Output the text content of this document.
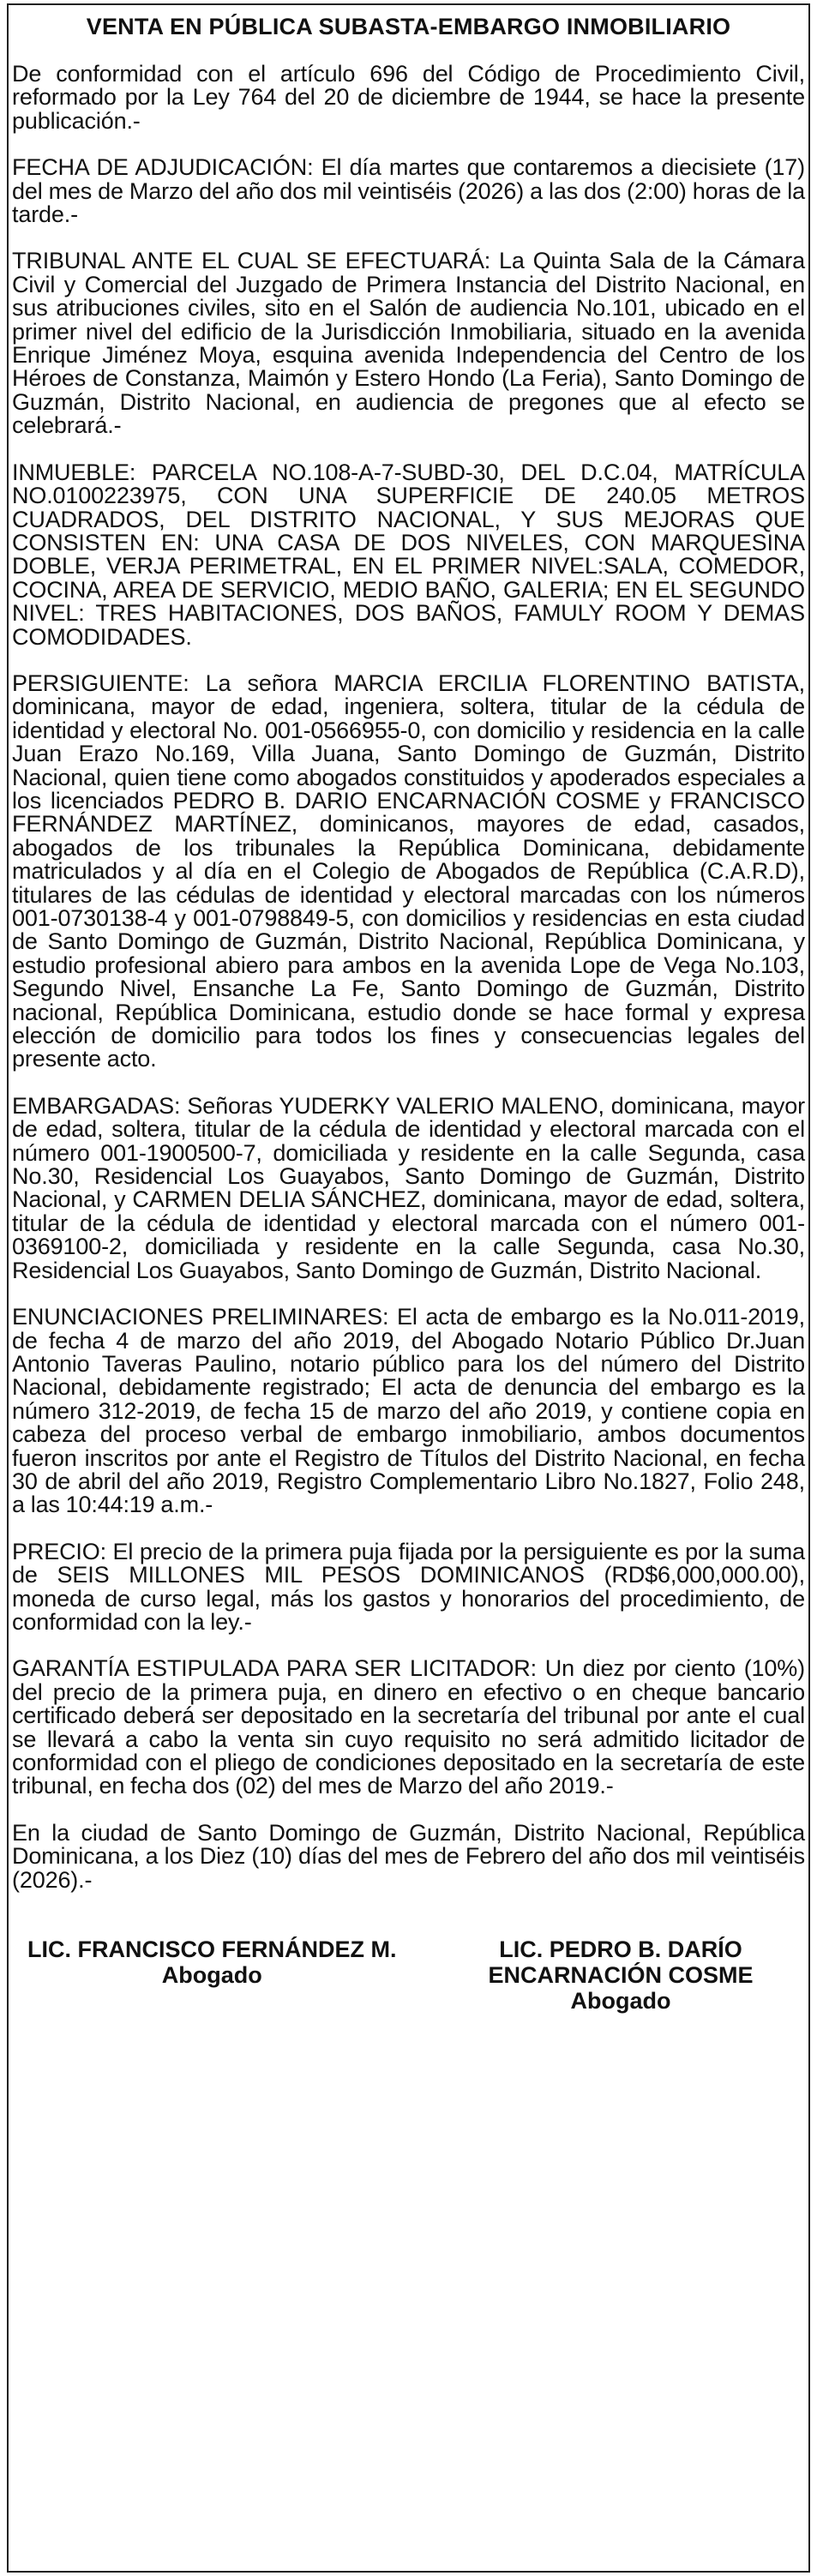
VENTA EN PÚBLICA SUBASTA-EMBARGO INMOBILIARIO

De conformidad con el artículo 696 del Código de Procedimiento Civil, reformado por la Ley 764 del 20 de diciembre de 1944, se hace la presente publicación.-

FECHA DE ADJUDICACIÓN: El día martes que contaremos a diecisiete (17) del mes de Marzo del año dos mil veintiséis (2026) a las dos (2:00) horas de la tarde.-

TRIBUNAL ANTE EL CUAL SE EFECTUARÁ: La Quinta Sala de la Cámara Civil y Comercial del Juzgado de Primera Instancia del Distrito Nacional, en sus atribuciones civiles, sito en el Salón de audiencia No.101, ubicado en el primer nivel del edificio de la Jurisdicción Inmobiliaria, situado en la avenida Enrique Jiménez Moya, esquina avenida Independencia del Centro de los Héroes de Constanza, Maimón y Estero Hondo (La Feria), Santo Domingo de Guzmán, Distrito Nacional, en audiencia de pregones que al efecto se celebrará.-

INMUEBLE: PARCELA NO.108-A-7-SUBD-30, DEL D.C.04, MATRÍCULA NO.0100223975, CON UNA SUPERFICIE DE 240.05 METROS CUADRADOS, DEL DISTRITO NACIONAL, Y SUS MEJORAS QUE CONSISTEN EN: UNA CASA DE DOS NIVELES, CON MARQUESINA DOBLE, VERJA PERIMETRAL, EN EL PRIMER NIVEL:SALA, COMEDOR, COCINA, AREA DE SERVICIO, MEDIO BAÑO, GALERIA; EN EL SEGUNDO NIVEL: TRES HABITACIONES, DOS BAÑOS, FAMULY ROOM Y DEMAS COMODIDADES.

PERSIGUIENTE: La señora MARCIA ERCILIA FLORENTINO BATISTA, dominicana, mayor de edad, ingeniera, soltera, titular de la cédula de identidad y electoral No. 001-0566955-0, con domicilio y residencia en la calle Juan Erazo No.169, Villa Juana, Santo Domingo de Guzmán, Distrito Nacional, quien tiene como abogados constituidos y apoderados especiales a los licenciados PEDRO B. DARIO ENCARNACIÓN COSME y FRANCISCO FERNÁNDEZ MARTÍNEZ, dominicanos, mayores de edad, casados, abogados de los tribunales la República Dominicana, debidamente matriculados y al día en el Colegio de Abogados de República (C.A.R.D), titulares de las cédulas de identidad y electoral marcadas con los números 001-0730138-4 y 001-0798849-5, con domicilios y residencias en esta ciudad de Santo Domingo de Guzmán, Distrito Nacional, República Dominicana, y estudio profesional abiero para ambos en la avenida Lope de Vega No.103, Segundo Nivel, Ensanche La Fe, Santo Domingo de Guzmán, Distrito nacional, República Dominicana, estudio donde se hace formal y expresa elección de domicilio para todos los fines y consecuencias legales del presente acto.

EMBARGADAS: Señoras YUDERKY VALERIO MALENO, dominicana, mayor de edad, soltera, titular de la cédula de identidad y electoral marcada con el número 001-1900500-7, domiciliada y residente en la calle Segunda, casa No.30, Residencial Los Guayabos, Santo Domingo de Guzmán, Distrito Nacional, y CARMEN DELIA SÁNCHEZ, dominicana, mayor de edad, soltera, titular de la cédula de identidad y electoral marcada con el número 001-0369100-2, domiciliada y residente en la calle Segunda, casa No.30, Residencial Los Guayabos, Santo Domingo de Guzmán, Distrito Nacional.

ENUNCIACIONES PRELIMINARES: El acta de embargo es la No.011-2019, de fecha 4 de marzo del año 2019, del Abogado Notario Público Dr.Juan Antonio Taveras Paulino, notario público para los del número del Distrito Nacional, debidamente registrado; El acta de denuncia del embargo es la número 312-2019, de fecha 15 de marzo del año 2019, y contiene copia en cabeza del proceso verbal de embargo inmobiliario, ambos documentos fueron inscritos por ante el Registro de Títulos del Distrito Nacional, en fecha 30 de abril del año 2019, Registro Complementario Libro No.1827, Folio 248, a las 10:44:19 a.m.-

PRECIO: El precio de la primera puja fijada por la persiguiente es por la suma de SEIS MILLONES MIL PESOS DOMINICANOS (RD$6,000,000.00), moneda de curso legal, más los gastos y honorarios del procedimiento, de conformidad con la ley.-

GARANTÍA ESTIPULADA PARA SER LICITADOR: Un diez por ciento (10%) del precio de la primera puja, en dinero en efectivo o en cheque bancario certificado deberá ser depositado en la secretaría del tribunal por ante el cual se llevará a cabo la venta sin cuyo requisito no será admitido licitador de conformidad con el pliego de condiciones depositado en la secretaría de este tribunal, en fecha dos (02) del mes de Marzo del año 2019.-

En la ciudad de Santo Domingo de Guzmán, Distrito Nacional, República Dominicana, a los Diez (10) días del mes de Febrero del año dos mil veintiséis (2026).-

LIC. FRANCISCO FERNÁNDEZ M.
Abogado
LIC. PEDRO B. DARÍO ENCARNACIÓN COSME
Abogado
